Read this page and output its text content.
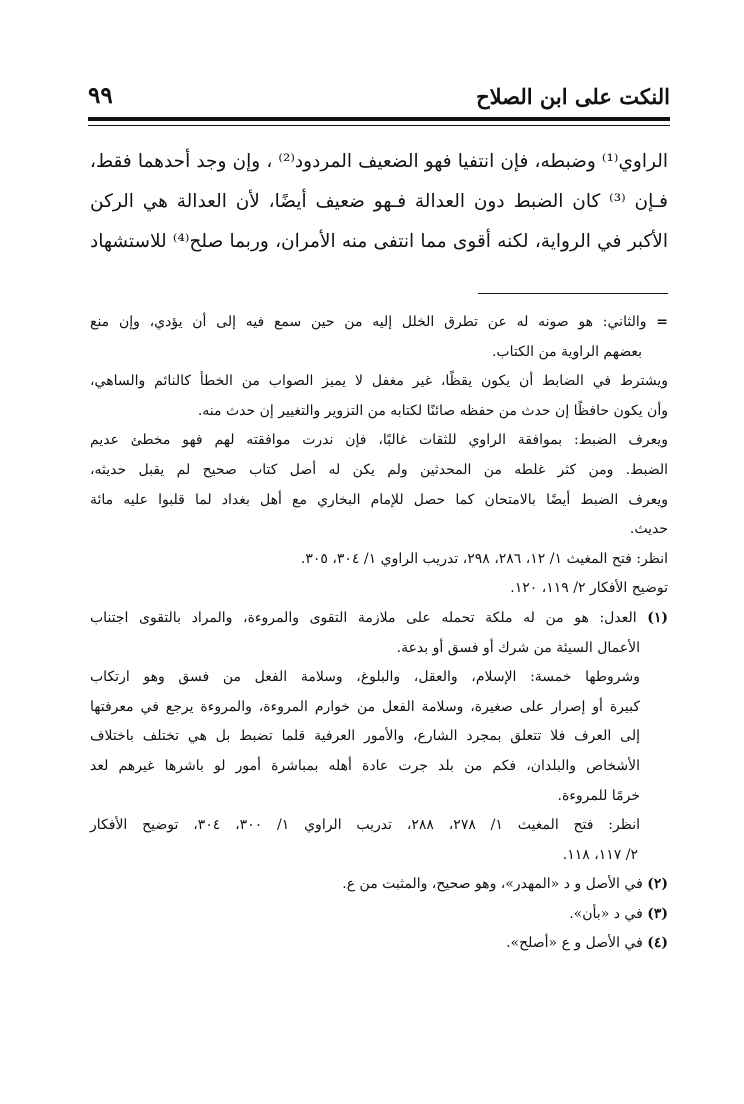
النكت على ابن الصلاح
٩٩
الراوي⁽¹⁾ وضبطه، فإن انتفيا فهو الضعيف المردود⁽²⁾ ، وإن وجد أحدهما فقط،
فـإن ⁽³⁾ كان الضبط دون العدالة فـهو ضعيف أيضًا، لأن العدالة هي الركن
الأكبر في الرواية، لكنه أقوى مما انتفى منه الأمران، وربما صلح⁽⁴⁾ للاستشهاد
= والثاني: هو صونه له عن تطرق الخلل إليه من حين سمع فيه إلى أن يؤدي، وإن منع
بعضهم الراوية من الكتاب.
ويشترط في الضابط أن يكون يقظًا، غير مغفل لا يميز الصواب من الخطأ كالنائم والساهي،
وأن يكون حافظًا إن حدث من حفظه صائنًا لكتابه من التزوير والتغيير إن حدث منه.
ويعرف الضبط: بموافقة الراوي للثقات غالبًا، فإن ندرت موافقته لهم فهو مخطئ عديم
الضبط. ومن كثر غلطه من المحدثين ولم يكن له أصل كتاب صحيح لم يقبل حديثه،
ويعرف الضبط أيضًا بالامتحان كما حصل للإمام البخاري مع أهل بغداد لما قلبوا عليه مائة
حديث.
انظر: فتح المغيث ١/ ١٢، ٢٨٦، ٢٩٨، تدريب الراوي ١/ ٣٠٤، ٣٠٥.
توضيح الأفكار ٢/ ١١٩، ١٢٠.
(١) العدل: هو من له ملكة تحمله على ملازمة التقوى والمروءة، والمراد بالتقوى اجتناب
الأعمال السيئة من شرك أو فسق أو بدعة.
وشروطها خمسة: الإسلام، والعقل، والبلوغ، وسلامة الفعل من فسق وهو ارتكاب
كبيرة أو إصرار على صغيرة، وسلامة الفعل من خوارم المروءة، والمروءة يرجع في معرفتها
إلى العرف فلا تتعلق بمجرد الشارع، والأمور العرفية قلما تضبط بل هي تختلف باختلاف
الأشخاص والبلدان، فكم من بلد جرت عادة أهله بمباشرة أمور لو باشرها غيرهم لعد
خرمًا للمروءة.
انظر: فتح المغيث ١/ ٢٧٨، ٢٨٨، تدريب الراوي ١/ ٣٠٠، ٣٠٤، توضيح الأفكار
٢/ ١١٧، ١١٨.
(٢) في الأصل و د «المهدر»، وهو صحيح، والمثبت من ع.
(٣) في د «بأن».
(٤) في الأصل و ع «أصلح».
